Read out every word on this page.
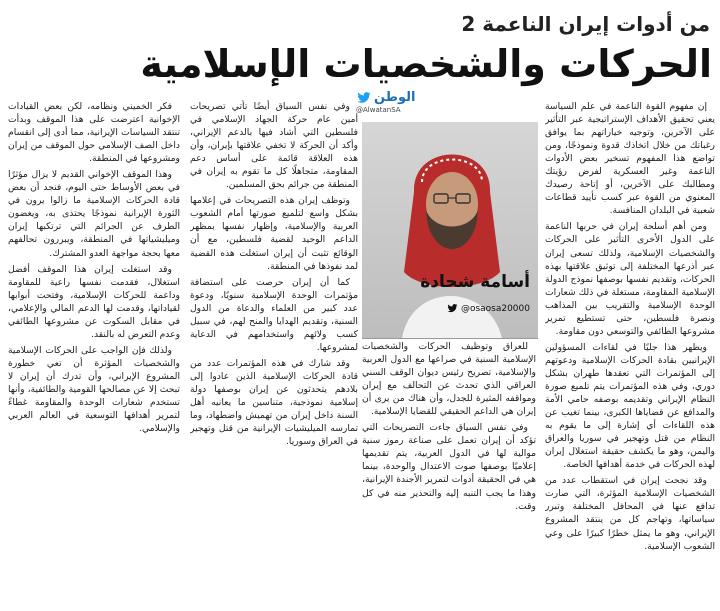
من أدوات إيران الناعمة 2
الحركات والشخصيات الإسلامية
الوطن
@AlwatanSA
أسامة شحادة
@osaosa20000

إن مفهوم القوة الناعمة في علم السياسة يعني تحقيق الأهداف الإستراتيجية عبر التأثير على الآخرين، وتوجيه خياراتهم بما يوافق رغباتك من خلال اتخاذك قدوة ونموذجًا، ومن تواضع هذا المفهوم تسخير بعض الأدوات الناعمة وغير العسكرية لفرض رؤيتك ومطالبك على الآخرين، أو إتاحة رصيدك المعنوي من القوة عبر كسب تأييد قطاعات شعبية في البلدان المنافسة.

ومن أهم أسلحة إيران في حربها الناعمة على الدول الأخرى التأثير على الحركات والشخصيات الإسلامية، ولذلك تسعى إيران عبر أذرعها المختلفة إلى توثيق علاقتها بهذه الحركات، وتقديم نفسها بوصفها نموذج الدولة الإسلامية المقاومة، مستغلة في ذلك شعارات الوحدة الإسلامية والتقريب بين المذاهب ونصرة فلسطين، حتى تستطيع تمرير مشروعها الطائفي والتوسعي دون مقاومة.

ويظهر هذا جليًا في لقاءات المسؤولين الإيرانيين بقادة الحركات الإسلامية ودعوتهم إلى المؤتمرات التي تعقدها طهران بشكل دوري، وفي هذه المؤتمرات يتم تلميع صورة النظام الإيراني وتقديمه بوصفه حامي الأمة والمدافع عن قضاياها الكبرى، بينما تغيب عن هذه اللقاءات أي إشارة إلى ما يقوم به النظام من قتل وتهجير في سوريا والعراق واليمن، وهو ما يكشف حقيقة استغلال إيران لهذه الحركات في خدمة أهدافها الخاصة.

وقد نجحت إيران في استقطاب عدد من الشخصيات الإسلامية المؤثرة، التي صارت تدافع عنها في المحافل المختلفة وتبرر سياساتها، وتهاجم كل من ينتقد المشروع الإيراني، وهو ما يمثل خطرًا كبيرًا على وعي الشعوب الإسلامية.

للعراق وتوظيف الحركات والشخصيات الإسلامية السنية في صراعها مع الدول العربية والإسلامية، تصريح رئيس ديوان الوقف السني العراقي الذي تحدث عن التحالف مع إيران ومواقفه المثيرة للجدل، وأن هناك من يرى أن إيران هي الداعم الحقيقي للقضايا الإسلامية.

وفي نفس السياق جاءت التصريحات التي تؤكد أن إيران تعمل على صناعة رموز سنية موالية لها في الدول العربية، يتم تقديمها إعلاميًا بوصفها صوت الاعتدال والوحدة، بينما هي في الحقيقة أدوات لتمرير الأجندة الإيرانية، وهذا ما يجب التنبه إليه والتحذير منه في كل وقت.

وفي نفس السياق أيضًا تأتي تصريحات أمين عام حركة الجهاد الإسلامي في فلسطين التي أشاد فيها بالدعم الإيراني، وأكد أن الحركة لا تخفي علاقتها بإيران، وأن هذه العلاقة قائمة على أساس دعم المقاومة، متجاهلًا كل ما تقوم به إيران في المنطقة من جرائم بحق المسلمين.

وتوظف إيران هذه التصريحات في إعلامها بشكل واسع لتلميع صورتها أمام الشعوب العربية والإسلامية، وإظهار نفسها بمظهر الداعم الوحيد لقضية فلسطين، مع أن الوقائع تثبت أن إيران استغلت هذه القضية لمد نفوذها في المنطقة.

كما أن إيران حرصت على استضافة مؤتمرات الوحدة الإسلامية سنويًا، ودعوة عدد كبير من العلماء والدعاة من الدول السنية، وتقديم الهدايا والمنح لهم، في سبيل كسب ولائهم واستخدامهم في الدعاية لمشروعها.

وقد شارك في هذه المؤتمرات عدد من قادة الحركات الإسلامية الذين عادوا إلى بلادهم يتحدثون عن إيران بوصفها دولة إسلامية نموذجية، متناسين ما يعانيه أهل السنة داخل إيران من تهميش واضطهاد، وما تمارسه الميليشيات الإيرانية من قتل وتهجير في العراق وسوريا.

فكر الخميني ونظامه، لكن بعض القيادات الإخوانية اعترضت على هذا الموقف وبدأت تنتقد السياسات الإيرانية، مما أدى إلى انقسام داخل الصف الإسلامي حول الموقف من إيران ومشروعها في المنطقة.

وهذا الموقف الإخواني القديم لا يزال مؤثرًا في بعض الأوساط حتى اليوم، فنجد أن بعض قادة الحركات الإسلامية ما زالوا يرون في الثورة الإيرانية نموذجًا يحتذى به، ويغضون الطرف عن الجرائم التي ترتكبها إيران وميليشياتها في المنطقة، ويبررون تحالفهم معها بحجة مواجهة العدو المشترك.

وقد استغلت إيران هذا الموقف أفضل استغلال، فقدمت نفسها راعية للمقاومة وداعمة للحركات الإسلامية، وفتحت أبوابها لقياداتها، وقدمت لها الدعم المالي والإعلامي، في مقابل السكوت عن مشروعها الطائفي وعدم التعرض له بالنقد.

ولذلك فإن الواجب على الحركات الإسلامية والشخصيات المؤثرة أن تعي خطورة المشروع الإيراني، وأن تدرك أن إيران لا تبحث إلا عن مصالحها القومية والطائفية، وأنها تستخدم شعارات الوحدة والمقاومة غطاءً لتمرير أهدافها التوسعية في العالم العربي والإسلامي.
